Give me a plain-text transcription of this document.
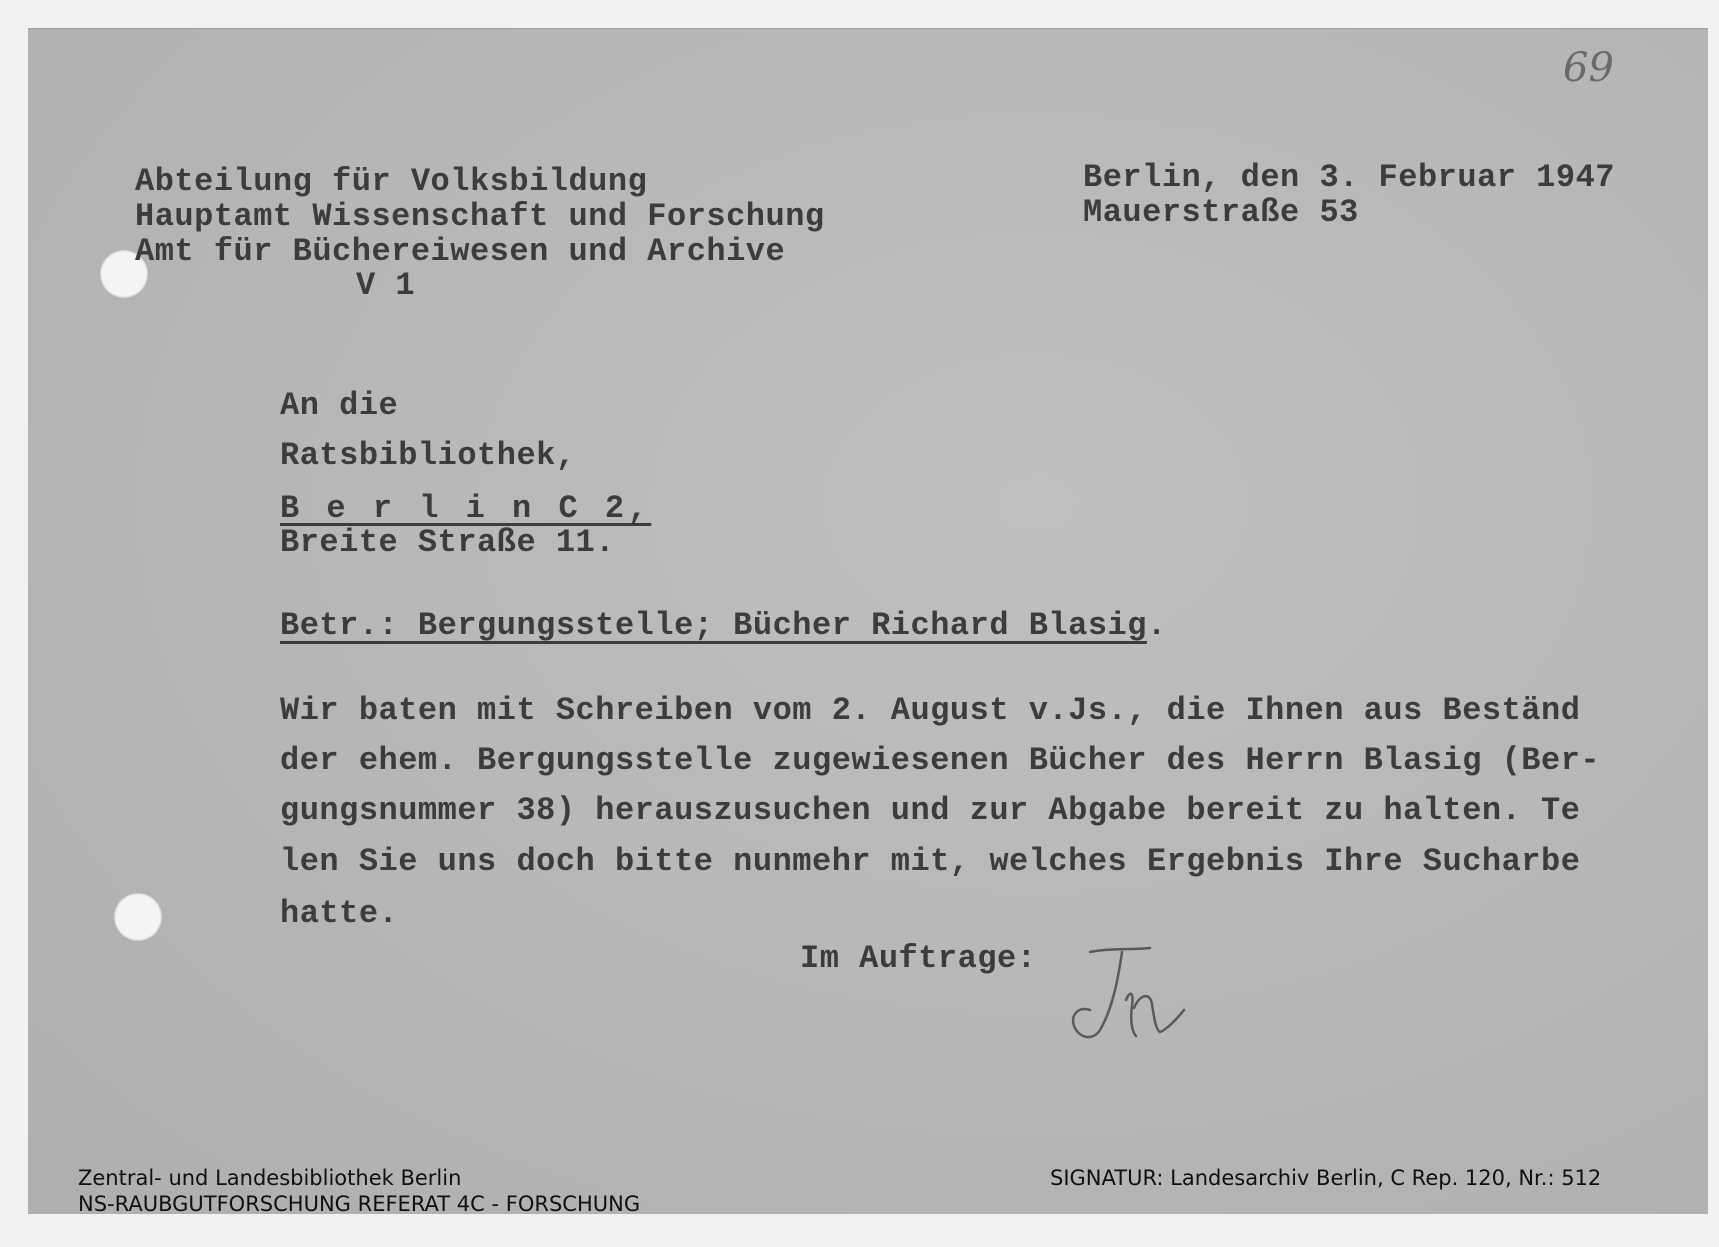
69
Abteilung für Volksbildung
Hauptamt Wissenschaft und Forschung
Amt für Büchereiwesen und Archive
V 1
Berlin, den 3. Februar 1947
Mauerstraße 53
An die
Ratsbibliothek,
B e r l i n C 2,
Breite Straße 11.
Betr.: Bergungsstelle; Bücher Richard Blasig.
Wir baten mit Schreiben vom 2. August v.Js., die Ihnen aus Beständ
der ehem. Bergungsstelle zugewiesenen Bücher des Herrn Blasig (Ber-
gungsnummer 38) herauszusuchen und zur Abgabe bereit zu halten. Te
len Sie uns doch bitte nunmehr mit, welches Ergebnis Ihre Sucharbe
hatte.
Im Auftrage:
Zentral- und Landesbibliothek Berlin
NS-RAUBGUTFORSCHUNG REFERAT 4C - FORSCHUNG
SIGNATUR: Landesarchiv Berlin, C Rep. 120, Nr.: 512
